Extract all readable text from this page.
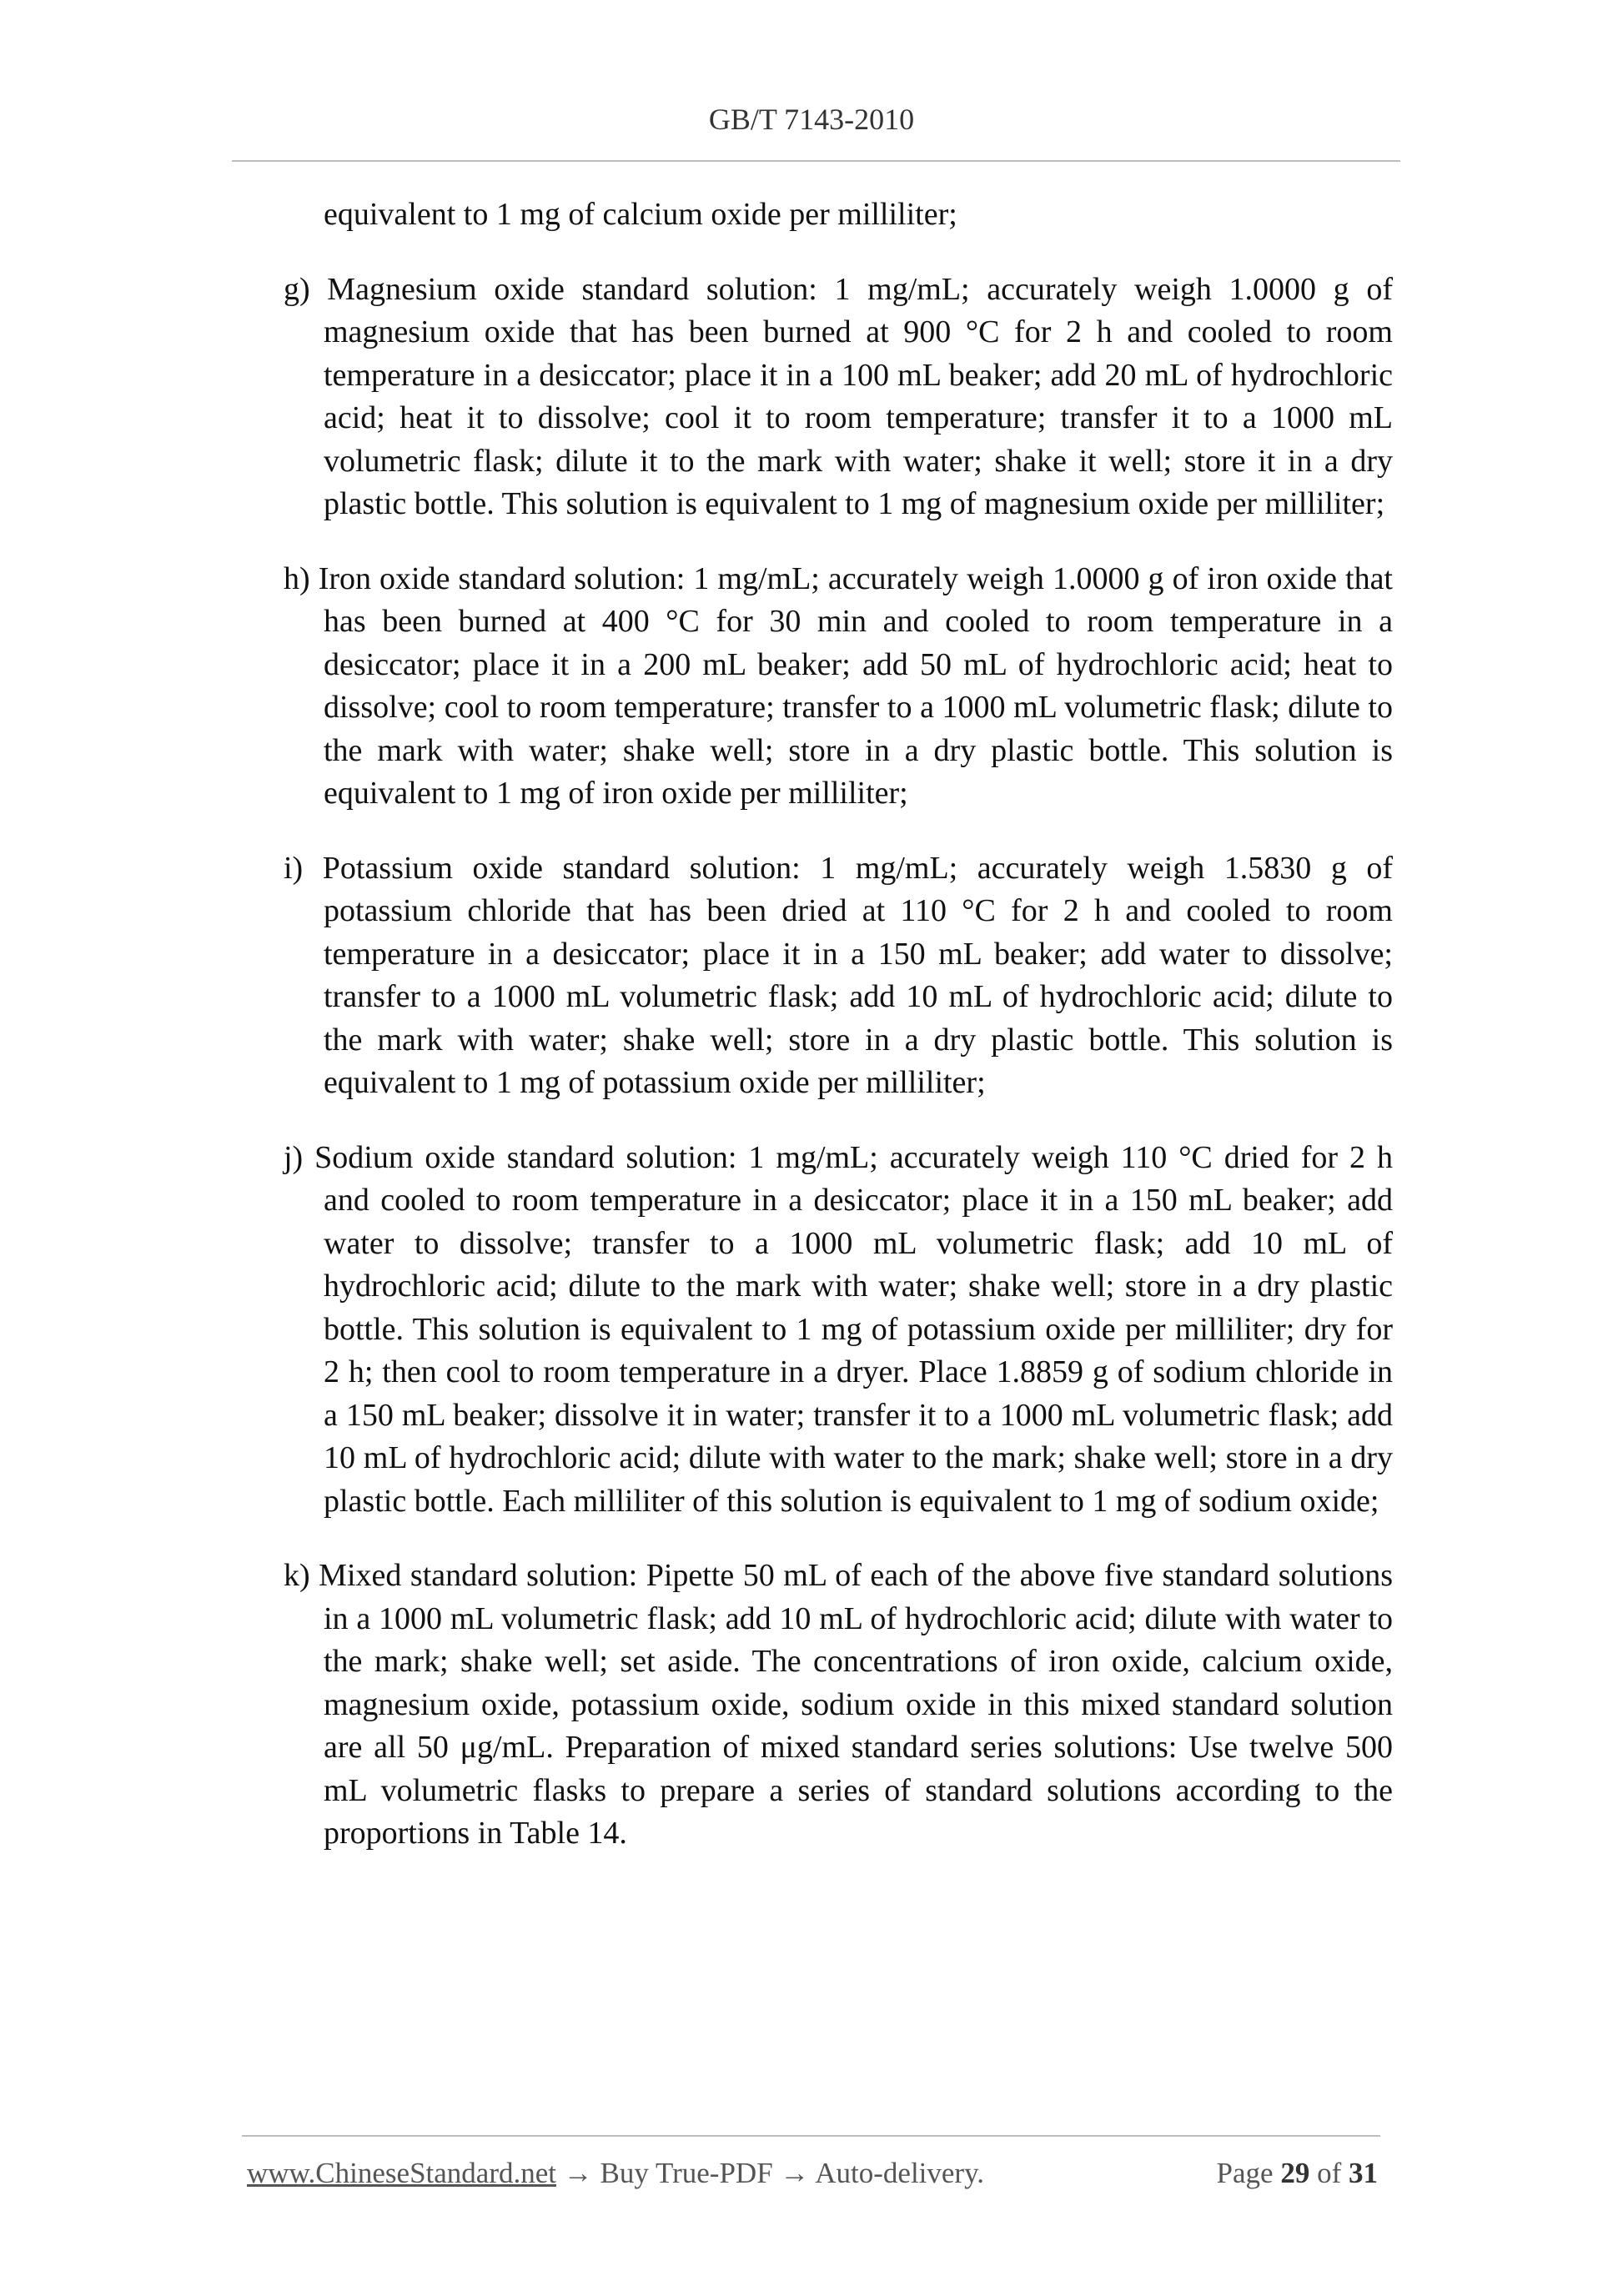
GB/T 7143-2010

equivalent to 1 mg of calcium oxide per milliliter;

g) Magnesium oxide standard solution: 1 mg/mL; accurately weigh 1.0000 g of magnesium oxide that has been burned at 900 °C for 2 h and cooled to room temperature in a desiccator; place it in a 100 mL beaker; add 20 mL of hydrochloric acid; heat it to dissolve; cool it to room temperature; transfer it to a 1000 mL volumetric flask; dilute it to the mark with water; shake it well; store it in a dry plastic bottle. This solution is equivalent to 1 mg of magnesium oxide per milliliter;

h) Iron oxide standard solution: 1 mg/mL; accurately weigh 1.0000 g of iron oxide that has been burned at 400 °C for 30 min and cooled to room temperature in a desiccator; place it in a 200 mL beaker; add 50 mL of hydrochloric acid; heat to dissolve; cool to room temperature; transfer to a 1000 mL volumetric flask; dilute to the mark with water; shake well; store in a dry plastic bottle. This solution is equivalent to 1 mg of iron oxide per milliliter;

i) Potassium oxide standard solution: 1 mg/mL; accurately weigh 1.5830 g of potassium chloride that has been dried at 110 °C for 2 h and cooled to room temperature in a desiccator; place it in a 150 mL beaker; add water to dissolve; transfer to a 1000 mL volumetric flask; add 10 mL of hydrochloric acid; dilute to the mark with water; shake well; store in a dry plastic bottle. This solution is equivalent to 1 mg of potassium oxide per milliliter;

j) Sodium oxide standard solution: 1 mg/mL; accurately weigh 110 °C dried for 2 h and cooled to room temperature in a desiccator; place it in a 150 mL beaker; add water to dissolve; transfer to a 1000 mL volumetric flask; add 10 mL of hydrochloric acid; dilute to the mark with water; shake well; store in a dry plastic bottle. This solution is equivalent to 1 mg of potassium oxide per milliliter; dry for 2 h; then cool to room temperature in a dryer. Place 1.8859 g of sodium chloride in a 150 mL beaker; dissolve it in water; transfer it to a 1000 mL volumetric flask; add 10 mL of hydrochloric acid; dilute with water to the mark; shake well; store in a dry plastic bottle. Each milliliter of this solution is equivalent to 1 mg of sodium oxide;

k) Mixed standard solution: Pipette 50 mL of each of the above five standard solutions in a 1000 mL volumetric flask; add 10 mL of hydrochloric acid; dilute with water to the mark; shake well; set aside. The concentrations of iron oxide, calcium oxide, magnesium oxide, potassium oxide, sodium oxide in this mixed standard solution are all 50 μg/mL. Preparation of mixed standard series solutions: Use twelve 500 mL volumetric flasks to prepare a series of standard solutions according to the proportions in Table 14.

www.ChineseStandard.net → Buy True-PDF → Auto-delivery.	Page 29 of 31
